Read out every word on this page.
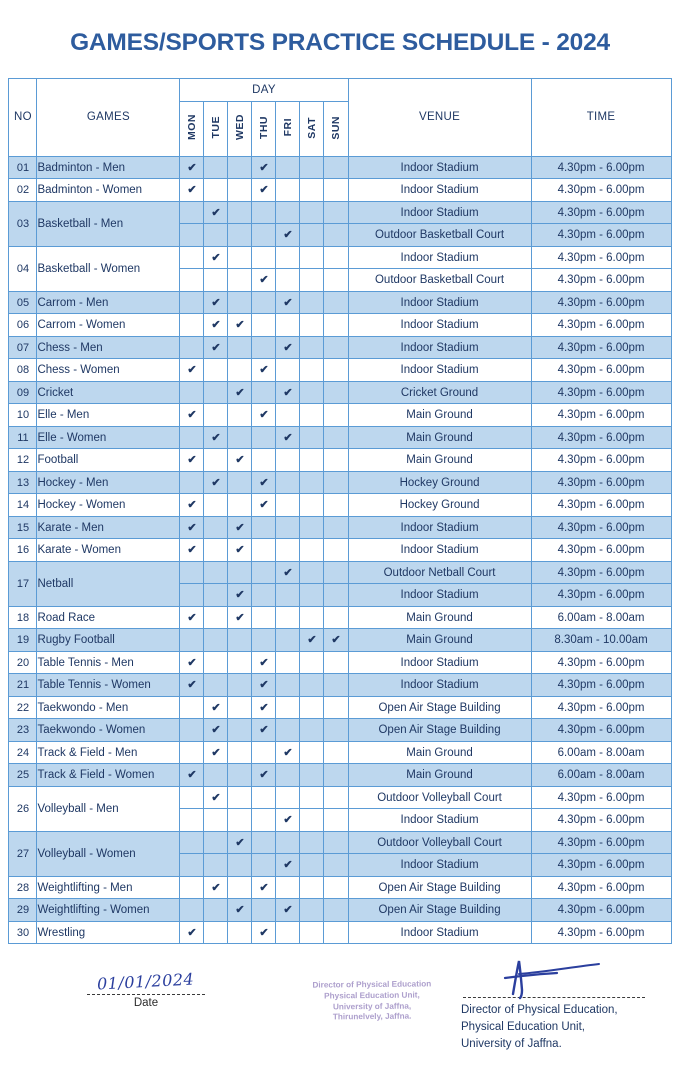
GAMES/SPORTS PRACTICE SCHEDULE - 2024
NO	GAMES	DAY							VENUE	TIME
		MON	TUE	WED	THU	FRI	SAT	SUN		
01	Badminton - Men	✔			✔				Indoor Stadium	4.30pm - 6.00pm
02	Badminton - Women	✔			✔				Indoor Stadium	4.30pm - 6.00pm
03	Basketball - Men		✔						Indoor Stadium	4.30pm - 6.00pm
						✔			Outdoor Basketball Court	4.30pm - 6.00pm
04	Basketball - Women		✔						Indoor Stadium	4.30pm - 6.00pm
					✔				Outdoor Basketball Court	4.30pm - 6.00pm
05	Carrom - Men		✔			✔			Indoor Stadium	4.30pm - 6.00pm
06	Carrom - Women		✔	✔					Indoor Stadium	4.30pm - 6.00pm
07	Chess - Men		✔			✔			Indoor Stadium	4.30pm - 6.00pm
08	Chess - Women	✔			✔				Indoor Stadium	4.30pm - 6.00pm
09	Cricket			✔		✔			Cricket Ground	4.30pm - 6.00pm
10	Elle - Men	✔			✔				Main Ground	4.30pm - 6.00pm
11	Elle - Women		✔			✔			Main Ground	4.30pm - 6.00pm
12	Football	✔		✔					Main Ground	4.30pm - 6.00pm
13	Hockey - Men		✔		✔				Hockey Ground	4.30pm - 6.00pm
14	Hockey - Women	✔			✔				Hockey Ground	4.30pm - 6.00pm
15	Karate - Men	✔		✔					Indoor Stadium	4.30pm - 6.00pm
16	Karate - Women	✔		✔					Indoor Stadium	4.30pm - 6.00pm
17	Netball					✔			Outdoor Netball Court	4.30pm - 6.00pm
				✔					Indoor Stadium	4.30pm - 6.00pm
18	Road Race	✔		✔					Main Ground	6.00am - 8.00am
19	Rugby Football						✔	✔	Main Ground	8.30am - 10.00am
20	Table Tennis - Men	✔			✔				Indoor Stadium	4.30pm - 6.00pm
21	Table Tennis - Women	✔			✔				Indoor Stadium	4.30pm - 6.00pm
22	Taekwondo - Men		✔		✔				Open Air Stage Building	4.30pm - 6.00pm
23	Taekwondo - Women		✔		✔				Open Air Stage Building	4.30pm - 6.00pm
24	Track & Field - Men		✔			✔			Main Ground	6.00am - 8.00am
25	Track & Field - Women	✔			✔				Main Ground	6.00am - 8.00am
26	Volleyball - Men		✔						Outdoor Volleyball Court	4.30pm - 6.00pm
						✔			Indoor Stadium	4.30pm - 6.00pm
27	Volleyball - Women			✔					Outdoor Volleyball Court	4.30pm - 6.00pm
						✔			Indoor Stadium	4.30pm - 6.00pm
28	Weightlifting - Men		✔		✔				Open Air Stage Building	4.30pm - 6.00pm
29	Weightlifting - Women			✔		✔			Open Air Stage Building	4.30pm - 6.00pm
30	Wrestling	✔			✔				Indoor Stadium	4.30pm - 6.00pm
01/01/2024
Date
Director of Physical Education
Physical Education Unit,
University of Jaffna,
Thirunelvely, Jaffna.
Director of Physical Education,
Physical Education Unit,
University of Jaffna.
